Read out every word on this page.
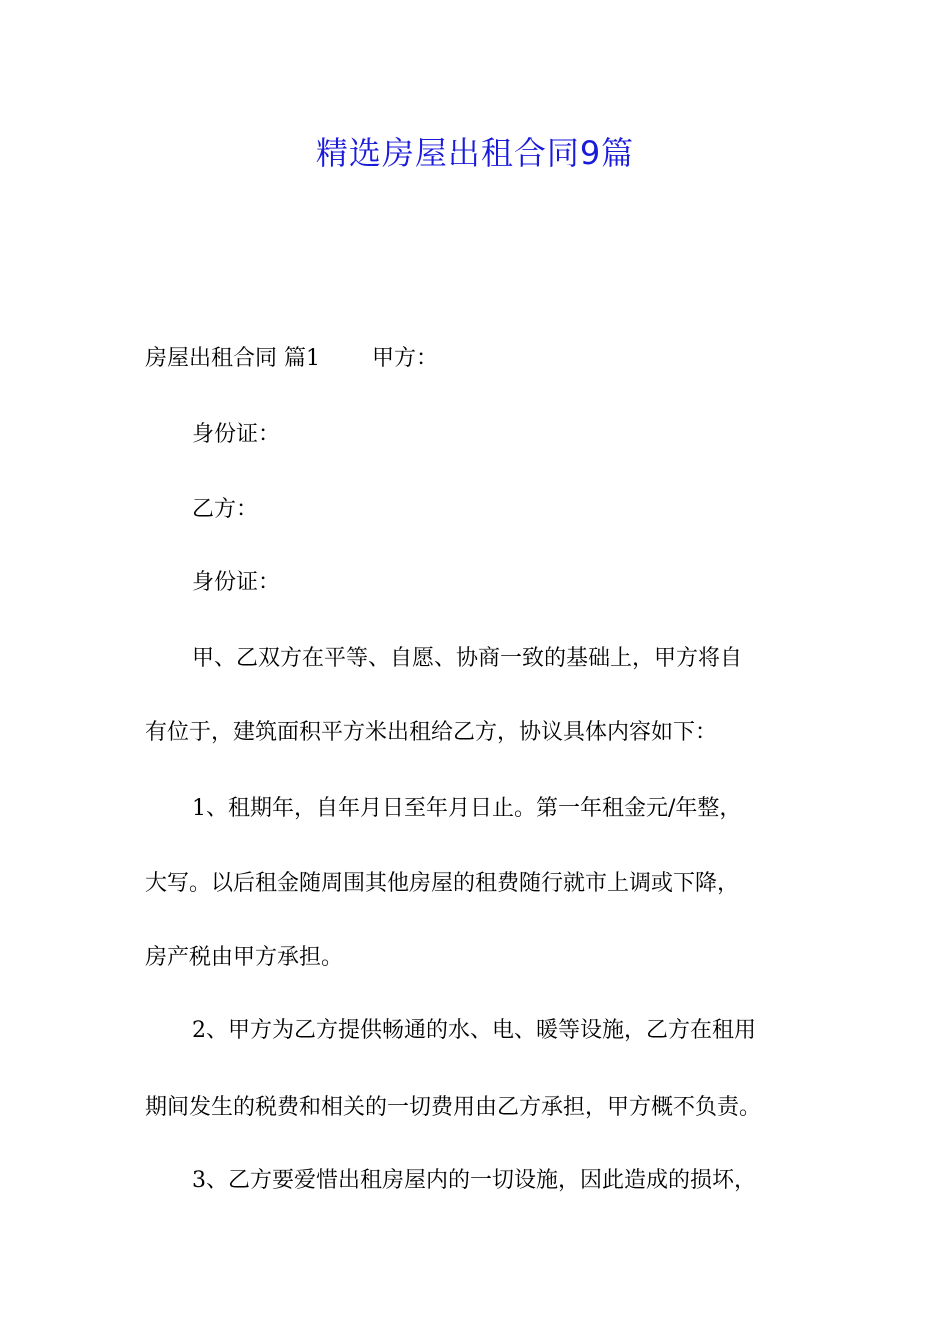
精选房屋出租合同9篇
房屋出租合同 篇1 甲方：
身份证：
乙方：
身份证：
甲、乙双方在平等、自愿、协商一致的基础上，甲方将自
有位于，建筑面积平方米出租给乙方，协议具体内容如下：
1、租期年，自年月日至年月日止。第一年租金元/年整，
大写。以后租金随周围其他房屋的租费随行就市上调或下降，
房产税由甲方承担。
2、甲方为乙方提供畅通的水、电、暖等设施，乙方在租用
期间发生的税费和相关的一切费用由乙方承担，甲方概不负责。
3、乙方要爱惜出租房屋内的一切设施，因此造成的损坏，
